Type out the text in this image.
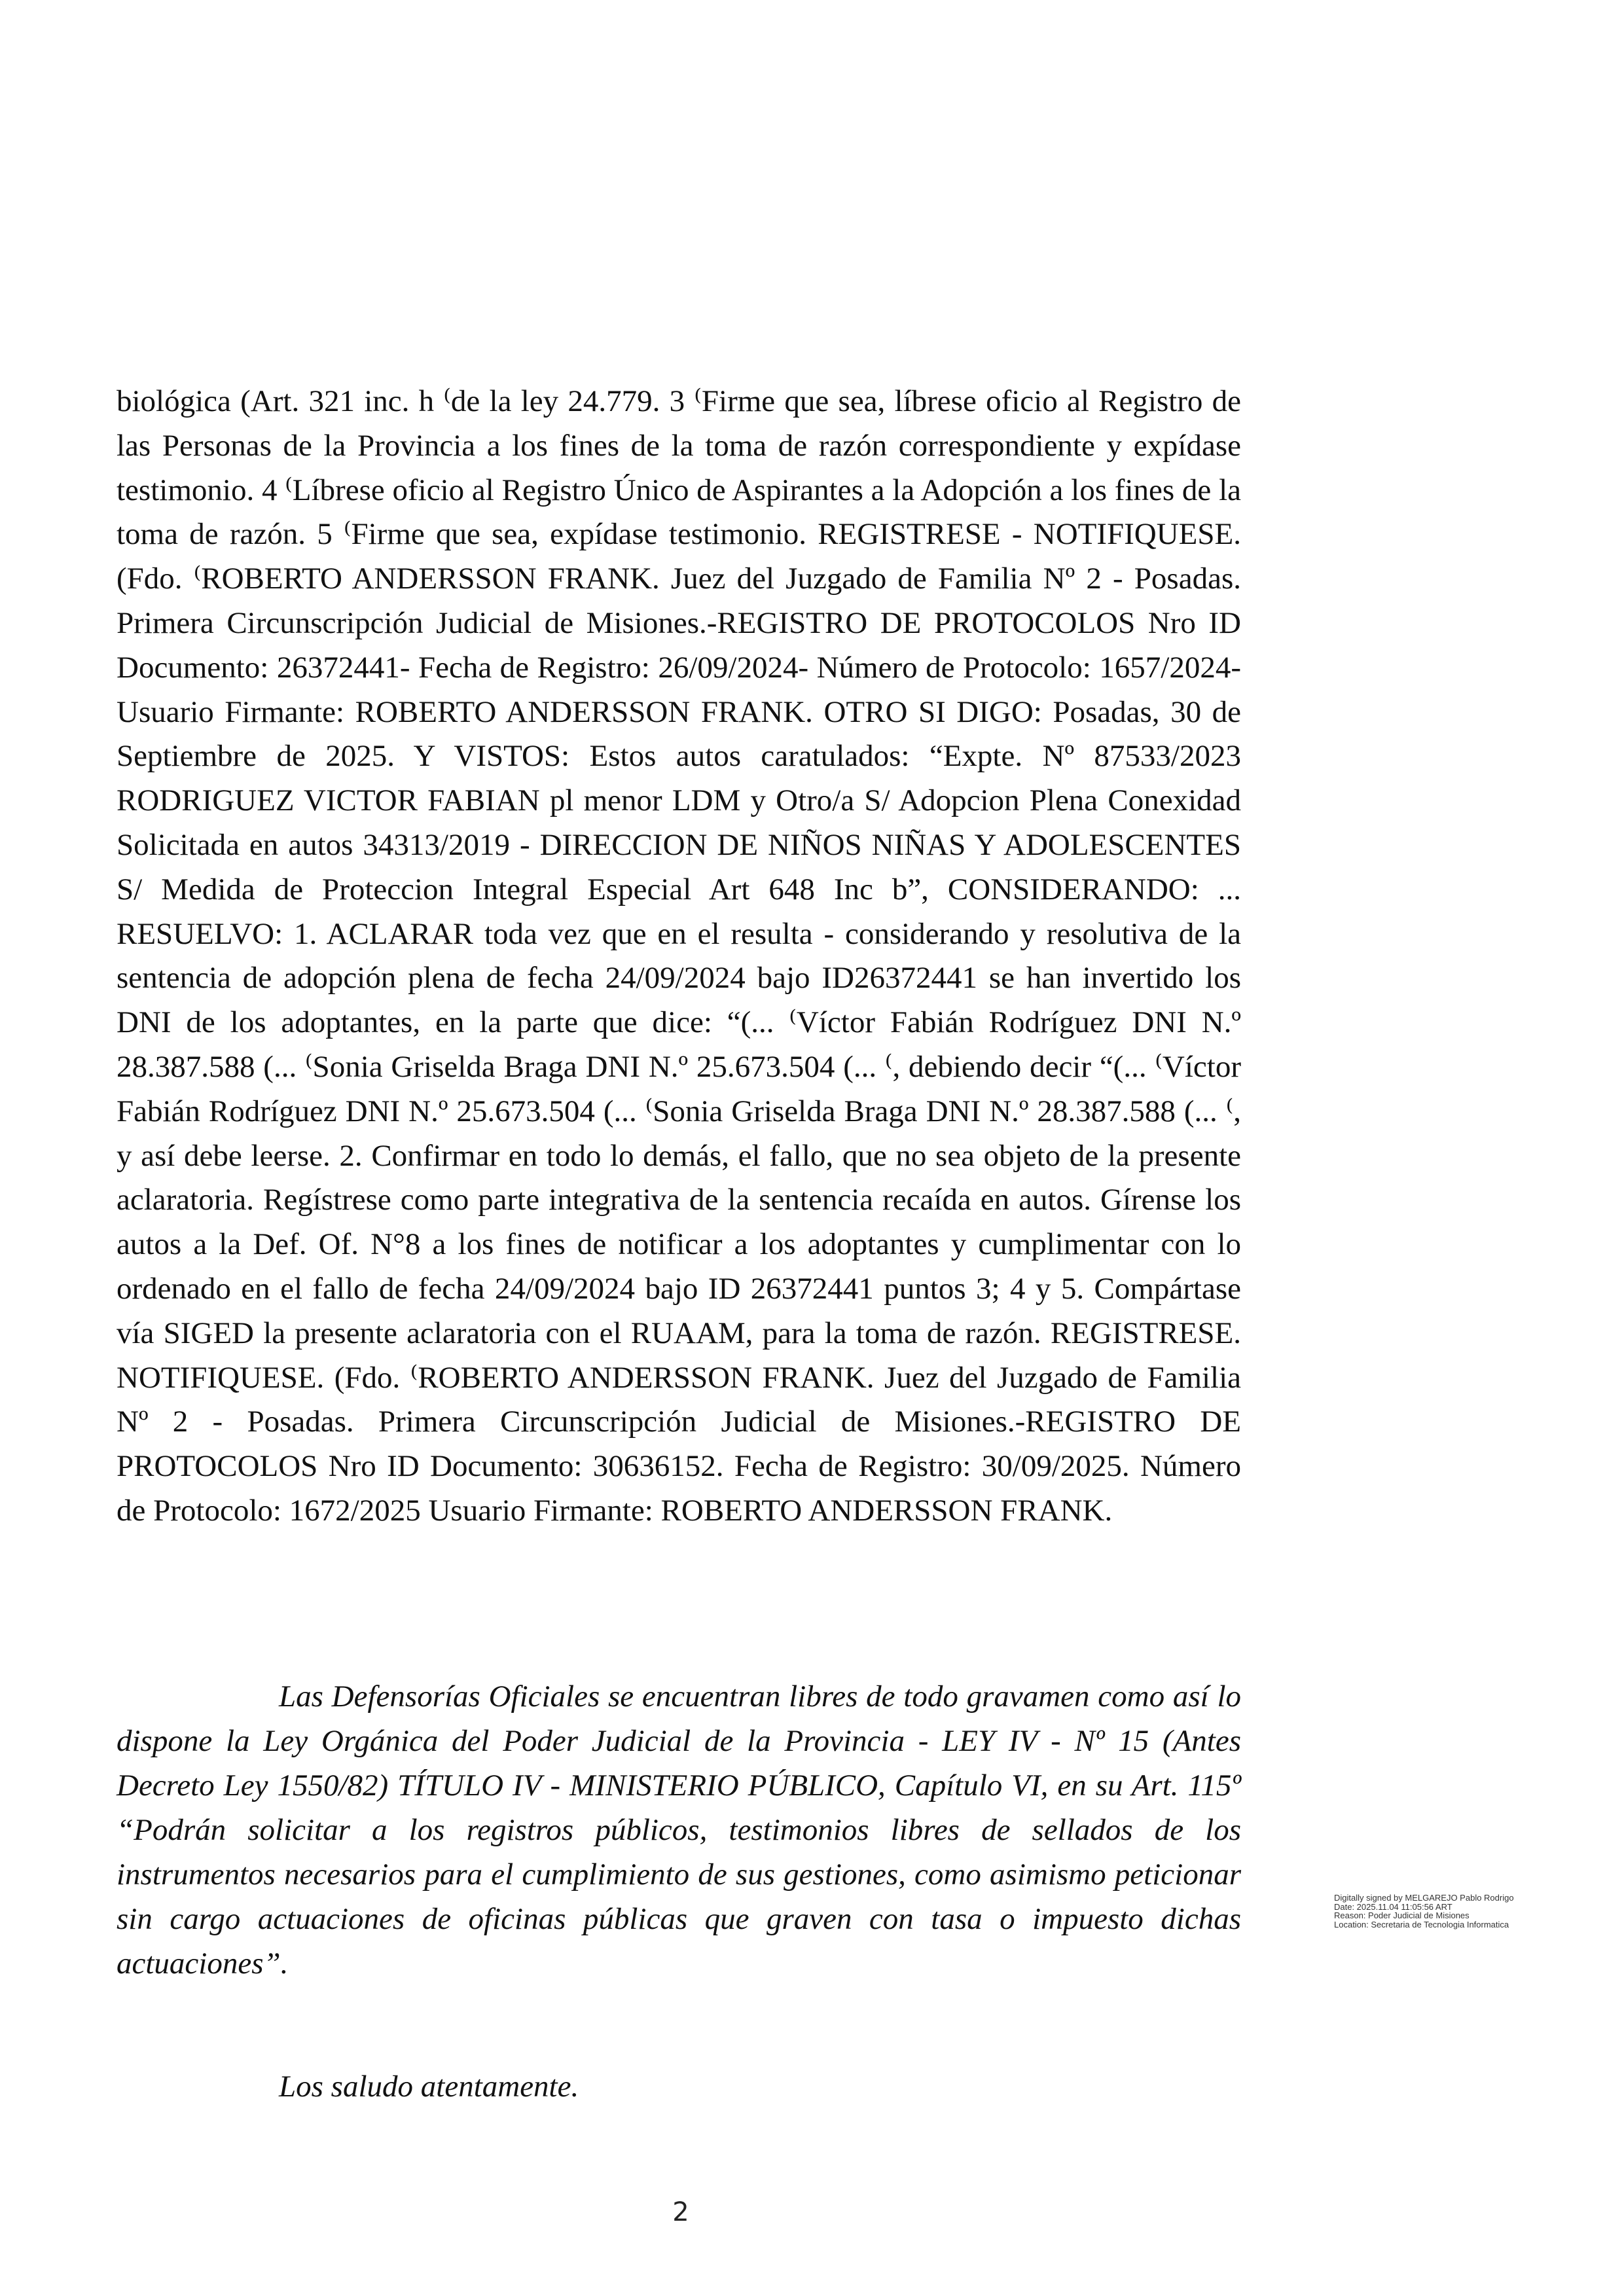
biológica (Art. 321 inc. h ⁽de la ley 24.779. 3 ⁽Firme que sea, líbrese oficio al Registro de las Personas de la Provincia a los fines de la toma de razón correspondiente y expídase testimonio. 4 ⁽Líbrese oficio al Registro Único de Aspirantes a la Adopción a los fines de la toma de razón. 5 ⁽Firme que sea, expídase testimonio. REGISTRESE - NOTIFIQUESE. (Fdo. ⁽ROBERTO ANDERSSON FRANK. Juez del Juzgado de Familia Nº 2 - Posadas. Primera Circunscripción Judicial de Misiones.-REGISTRO DE PROTOCOLOS Nro ID Documento: 26372441- Fecha de Registro: 26/09/2024- Número de Protocolo: 1657/2024-Usuario Firmante: ROBERTO ANDERSSON FRANK. OTRO SI DIGO: Posadas, 30 de Septiembre de 2025. Y VISTOS: Estos autos caratulados: “Expte. Nº 87533/2023 RODRIGUEZ VICTOR FABIAN pl menor LDM y Otro/a S/ Adopcion Plena Conexidad Solicitada en autos 34313/2019 - DIRECCION DE NIÑOS NIÑAS Y ADOLESCENTES S/ Medida de Proteccion Integral Especial Art 648 Inc b”, CONSIDERANDO: ... RESUELVO: 1. ACLARAR toda vez que en el resulta - considerando y resolutiva de la sentencia de adopción plena de fecha 24/09/2024 bajo ID26372441 se han invertido los DNI de los adoptantes, en la parte que dice: “(... ⁽Víctor Fabián Rodríguez DNI N.º 28.387.588 (... ⁽Sonia Griselda Braga DNI N.º 25.673.504 (... ⁽, debiendo decir “(... ⁽Víctor Fabián Rodríguez DNI N.º 25.673.504 (... ⁽Sonia Griselda Braga DNI N.º 28.387.588 (... ⁽, y así debe leerse. 2. Confirmar en todo lo demás, el fallo, que no sea objeto de la presente aclaratoria. Regístrese como parte integrativa de la sentencia recaída en autos. Gírense los autos a la Def. Of. N°8 a los fines de notificar a los adoptantes y cumplimentar con lo ordenado en el fallo de fecha 24/09/2024 bajo ID 26372441 puntos 3; 4 y 5. Compártase vía SIGED la presente aclaratoria con el RUAAM, para la toma de razón. REGISTRESE. NOTIFIQUESE. (Fdo. ⁽ROBERTO ANDERSSON FRANK. Juez del Juzgado de Familia Nº 2 - Posadas. Primera Circunscripción Judicial de Misiones.-REGISTRO DE PROTOCOLOS Nro ID Documento: 30636152. Fecha de Registro: 30/09/2025. Número de Protocolo: 1672/2025 Usuario Firmante: ROBERTO ANDERSSON FRANK.

Las Defensorías Oficiales se encuentran libres de todo gravamen como así lo dispone la Ley Orgánica del Poder Judicial de la Provincia - LEY IV - Nº 15 (Antes Decreto Ley 1550/82) TÍTULO IV - MINISTERIO PÚBLICO, Capítulo VI, en su Art. 115º “Podrán solicitar a los registros públicos, testimonios libres de sellados de los instrumentos necesarios para el cumplimiento de sus gestiones, como asimismo peticionar sin cargo actuaciones de oficinas públicas que graven con tasa o impuesto dichas actuaciones”.

Los saludo atentamente.

Digitally signed by MELGAREJO Pablo Rodrigo
Date: 2025.11.04 11:05:56 ART
Reason: Poder Judicial de Misiones
Location: Secretaria de Tecnologia Informatica
2
